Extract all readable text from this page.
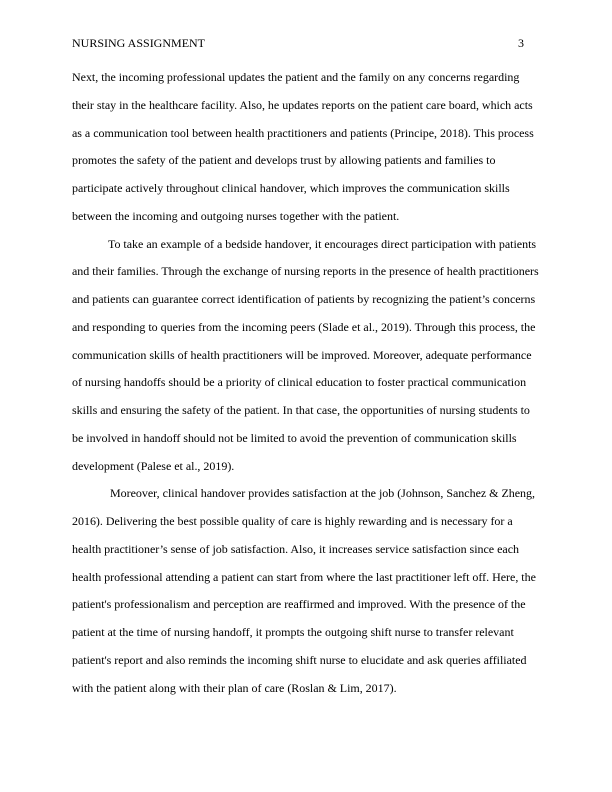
NURSING ASSIGNMENT	3

Next, the incoming professional updates the patient and the family on any concerns regarding their stay in the healthcare facility. Also, he updates reports on the patient care board, which acts as a communication tool between health practitioners and patients (Principe, 2018). This process promotes the safety of the patient and develops trust by allowing patients and families to participate actively throughout clinical handover, which improves the communication skills between the incoming and outgoing nurses together with the patient.

To take an example of a bedside handover, it encourages direct participation with patients and their families. Through the exchange of nursing reports in the presence of health practitioners and patients can guarantee correct identification of patients by recognizing the patient’s concerns and responding to queries from the incoming peers (Slade et al., 2019). Through this process, the communication skills of health practitioners will be improved. Moreover, adequate performance of nursing handoffs should be a priority of clinical education to foster practical communication skills and ensuring the safety of the patient. In that case, the opportunities of nursing students to be involved in handoff should not be limited to avoid the prevention of communication skills development (Palese et al., 2019).

Moreover, clinical handover provides satisfaction at the job (Johnson, Sanchez & Zheng, 2016). Delivering the best possible quality of care is highly rewarding and is necessary for a health practitioner’s sense of job satisfaction. Also, it increases service satisfaction since each health professional attending a patient can start from where the last practitioner left off. Here, the patient's professionalism and perception are reaffirmed and improved. With the presence of the patient at the time of nursing handoff, it prompts the outgoing shift nurse to transfer relevant patient's report and also reminds the incoming shift nurse to elucidate and ask queries affiliated with the patient along with their plan of care (Roslan & Lim, 2017).
